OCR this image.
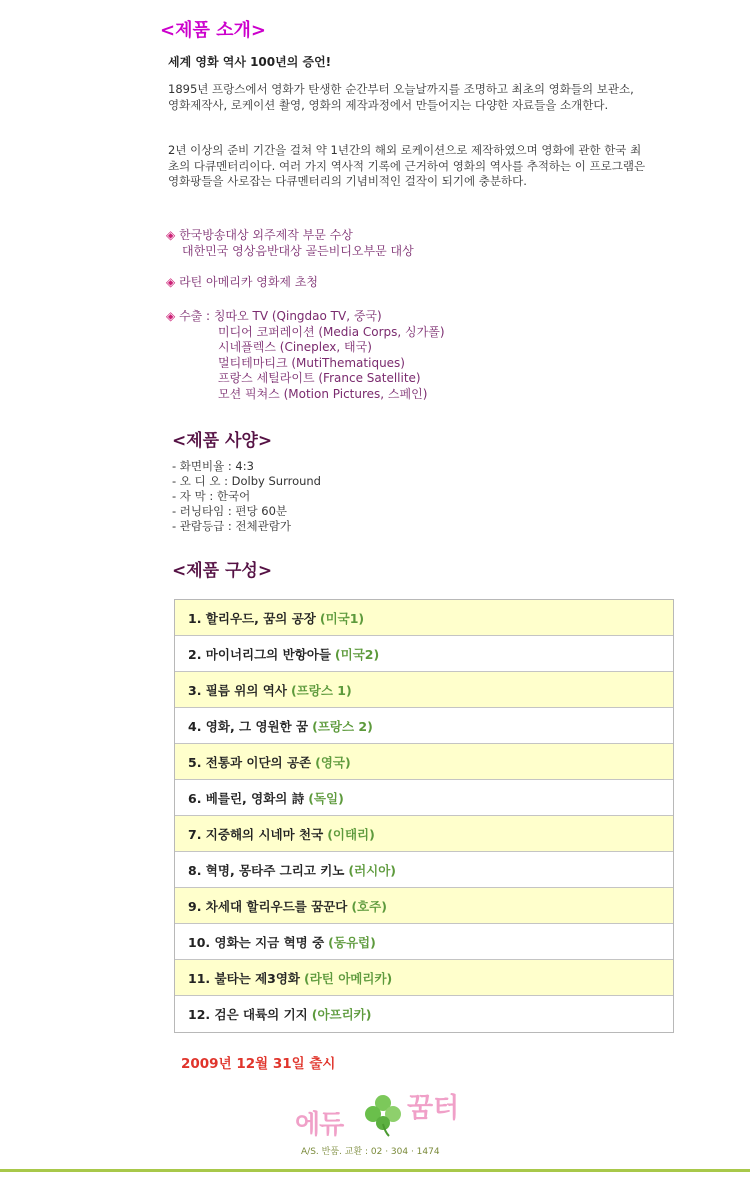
<제품 소개>
세계 영화 역사 100년의 증언!
1895년 프랑스에서 영화가 탄생한 순간부터 오늘날까지를 조명하고 최초의 영화들의 보관소, 영화제작사, 로케이션 촬영, 영화의 제작과정에서 만들어지는 다양한 자료들을 소개한다.
2년 이상의 준비 기간을 걸쳐 약 1년간의 해외 로케이션으로 제작하였으며 영화에 관한 한국 최초의 다큐멘터리이다. 여러 가지 역사적 기록에 근거하여 영화의 역사를 추적하는 이 프로그램은 영화팡들을 사로잡는 다큐멘터리의 기념비적인 걸작이 되기에 충분하다.
◈ 한국방송대상 외주제작 부문 수상
대한민국 영상음반대상 골든비디오부문 대상
◈ 라틴 아메리카 영화제 초청
◈ 수출 : 칭따오 TV (Qingdao TV, 중국)
미디어 코퍼레이션 (Media Corps, 싱가폴)
시네플렉스 (Cineplex, 태국)
멀티테마티크 (MutiThematiques)
프랑스 세틸라이트 (France Satellite)
모션 픽쳐스 (Motion Pictures, 스페인)
<제품 사양>
- 화면비율 : 4:3
- 오 디 오 : Dolby Surround
- 자 막 : 한국어
- 러닝타임 : 편당 60분
- 관람등급 : 전체관람가
<제품 구성>
1. 할리우드, 꿈의 공장 (미국1)
2. 마이너리그의 반항아들 (미국2)
3. 필름 위의 역사 (프랑스 1)
4. 영화, 그 영원한 꿈 (프랑스 2)
5. 전통과 이단의 공존 (영국)
6. 베를린, 영화의 詩 (독일)
7. 지중해의 시네마 천국 (이태리)
8. 혁명, 몽타주 그리고 키노 (러시아)
9. 차세대 할리우드를 꿈꾼다 (호주)
10. 영화는 지금 혁명 중 (동유럽)
11. 불타는 제3영화 (라틴 아메리카)
12. 검은 대륙의 기지 (아프리카)
2009년 12월 31일 출시
에듀
꿈터
A/S. 반품. 교환 : 02 · 304 · 1474
